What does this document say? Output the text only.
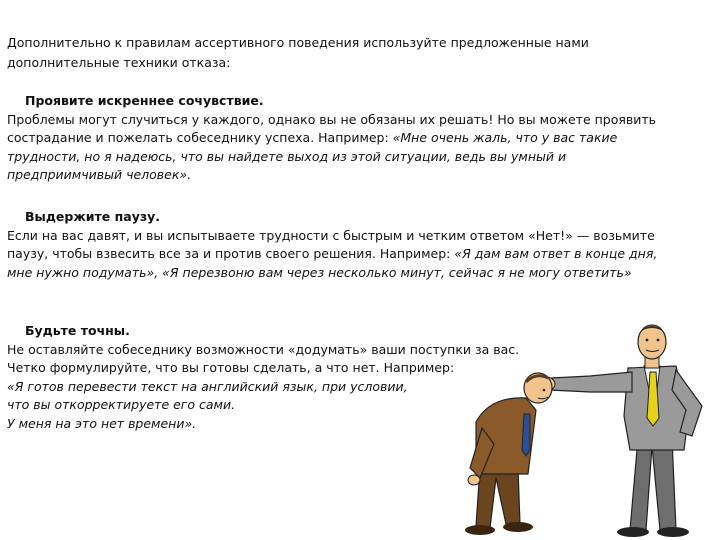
Дополнительно к правилам ассертивного поведения используйте предложенные нами дополнительные техники отказа:
Проявите искреннее сочувствие.
Проблемы могут случиться у каждого, однако вы не обязаны их решать! Но вы можете проявить сострадание и пожелать собеседнику успеха. Например: «Мне очень жаль, что у вас такие трудности, но я надеюсь, что вы найдете выход из этой ситуации, ведь вы умный и предприимчивый человек».
Выдержите паузу.
Если на вас давят, и вы испытываете трудности с быстрым и четким ответом «Нет!» — возьмите паузу, чтобы взвесить все за и против своего решения. Например: «Я дам вам ответ в конце дня, мне нужно подумать», «Я перезвоню вам через несколько минут, сейчас я не могу ответить»
Будьте точны.
Не оставляйте собеседнику возможности «додумать» ваши поступки за вас.
Четко формулируйте, что вы готовы сделать, а что нет. Например:
«Я готов перевести текст на английский язык, при условии,
что вы откорректируете его сами.
У меня на это нет времени».
